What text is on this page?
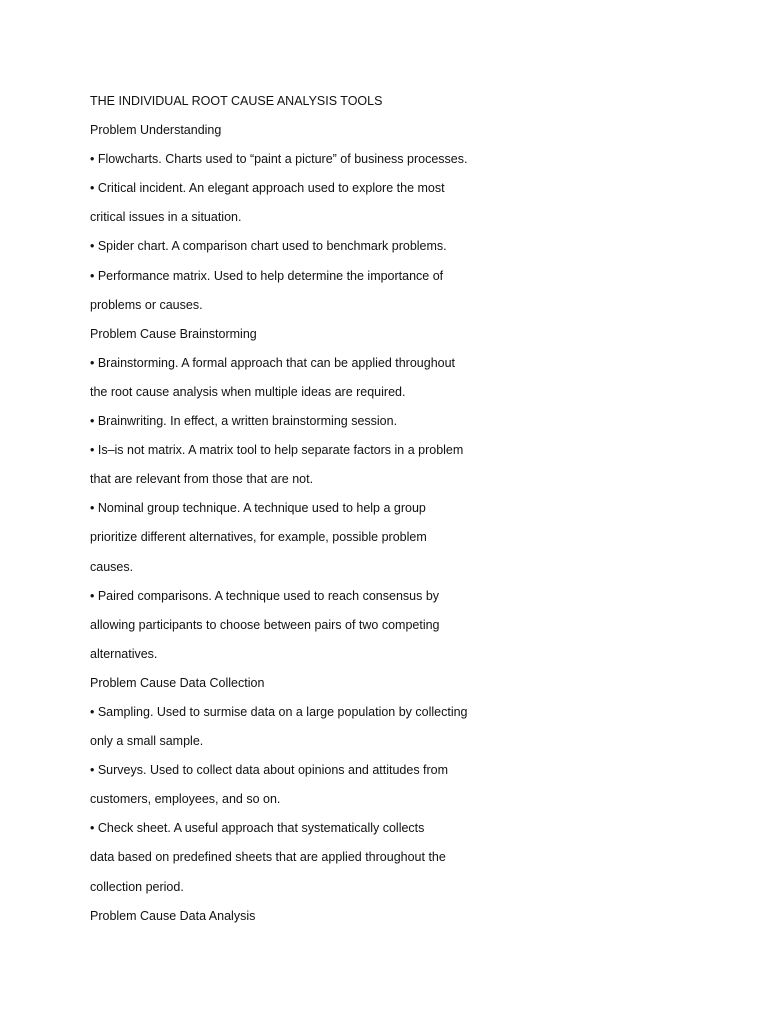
THE INDIVIDUAL ROOT CAUSE ANALYSIS TOOLS
Problem Understanding
• Flowcharts. Charts used to “paint a picture” of business processes.
• Critical incident. An elegant approach used to explore the most
critical issues in a situation.
• Spider chart. A comparison chart used to benchmark problems.
• Performance matrix. Used to help determine the importance of
problems or causes.
Problem Cause Brainstorming
• Brainstorming. A formal approach that can be applied throughout
the root cause analysis when multiple ideas are required.
• Brainwriting. In effect, a written brainstorming session.
• Is–is not matrix. A matrix tool to help separate factors in a problem
that are relevant from those that are not.
• Nominal group technique. A technique used to help a group
prioritize different alternatives, for example, possible problem
causes.
• Paired comparisons. A technique used to reach consensus by
allowing participants to choose between pairs of two competing
alternatives.
Problem Cause Data Collection
• Sampling. Used to surmise data on a large population by collecting
only a small sample.
• Surveys. Used to collect data about opinions and attitudes from
customers, employees, and so on.
• Check sheet. A useful approach that systematically collects
data based on predefined sheets that are applied throughout the
collection period.
Problem Cause Data Analysis
